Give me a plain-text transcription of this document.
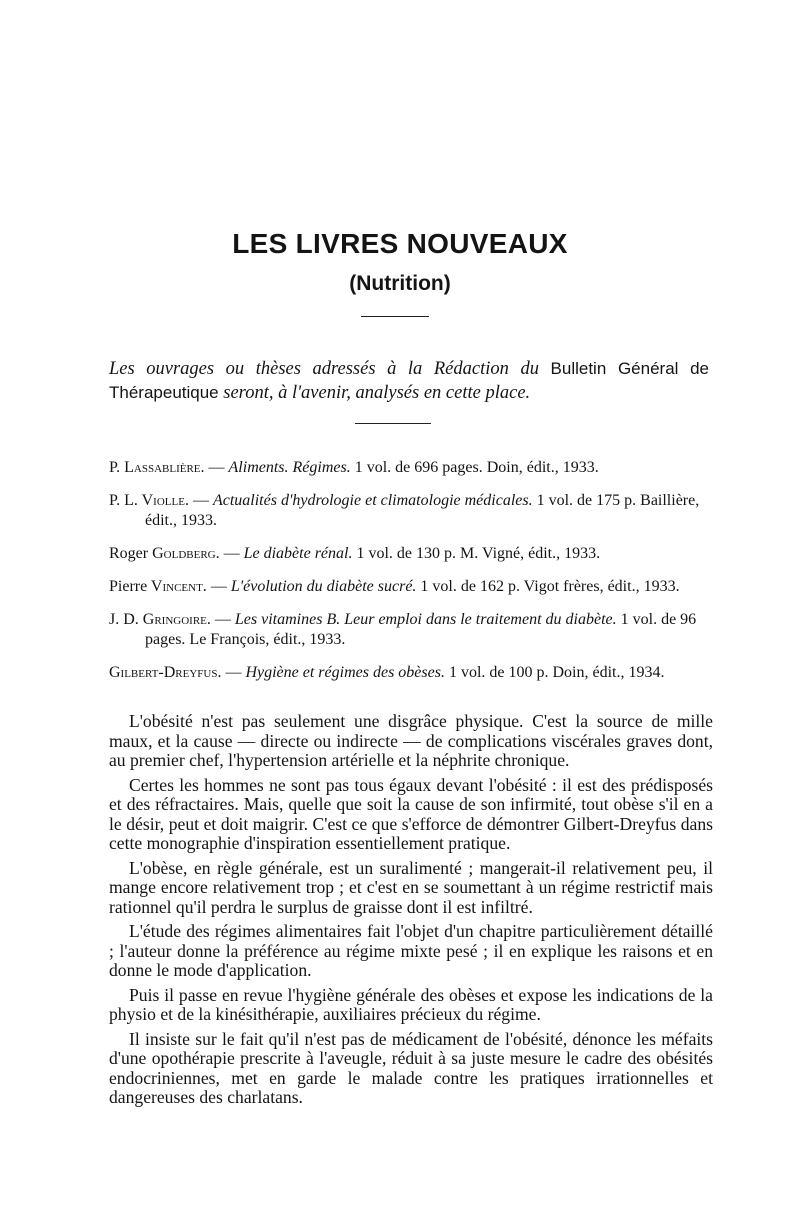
LES LIVRES NOUVEAUX
(Nutrition)

Les ouvrages ou thèses adressés à la Rédaction du Bulletin Général de Thérapeutique seront, à l'avenir, analysés en cette place.

P. Lassablière. — Aliments. Régimes. 1 vol. de 696 pages. Doin, édit., 1933.

P. L. Violle. — Actualités d'hydrologie et climatologie médicales. 1 vol. de 175 p. Baillière, édit., 1933.

Roger Goldberg. — Le diabète rénal. 1 vol. de 130 p. M. Vigné, édit., 1933.

Pierre Vincent. — L'évolution du diabète sucré. 1 vol. de 162 p. Vigot frères, édit., 1933.

J. D. Gringoire. — Les vitamines B. Leur emploi dans le traitement du diabète. 1 vol. de 96 pages. Le François, édit., 1933.

Gilbert-Dreyfus. — Hygiène et régimes des obèses. 1 vol. de 100 p. Doin, édit., 1934.

L'obésité n'est pas seulement une disgrâce physique. C'est la source de mille maux, et la cause — directe ou indirecte — de complications viscérales graves dont, au premier chef, l'hypertension artérielle et la néphrite chronique.

Certes les hommes ne sont pas tous égaux devant l'obésité : il est des prédisposés et des réfractaires. Mais, quelle que soit la cause de son infirmité, tout obèse s'il en a le désir, peut et doit maigrir. C'est ce que s'efforce de démontrer Gilbert-Dreyfus dans cette monographie d'inspiration essentiellement pratique.

L'obèse, en règle générale, est un suralimenté ; mangerait-il relativement peu, il mange encore relativement trop ; et c'est en se soumettant à un régime restrictif mais rationnel qu'il perdra le surplus de graisse dont il est infiltré.

L'étude des régimes alimentaires fait l'objet d'un chapitre particulièrement détaillé ; l'auteur donne la préférence au régime mixte pesé ; il en explique les raisons et en donne le mode d'application.

Puis il passe en revue l'hygiène générale des obèses et expose les indications de la physio et de la kinésithérapie, auxiliaires précieux du régime.

Il insiste sur le fait qu'il n'est pas de médicament de l'obésité, dénonce les méfaits d'une opothérapie prescrite à l'aveugle, réduit à sa juste mesure le cadre des obésités endocriniennes, met en garde le malade contre les pratiques irrationnelles et dangereuses des charlatans.
